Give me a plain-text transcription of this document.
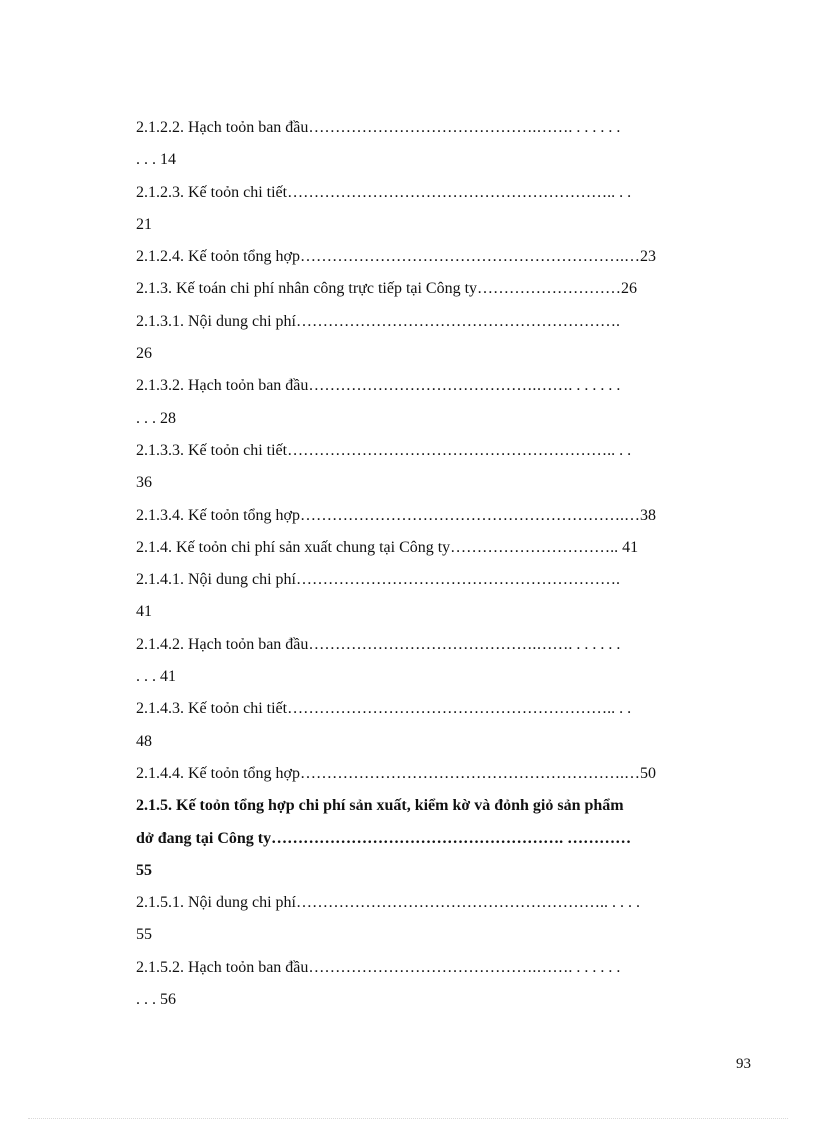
2.1.2.2. Hạch toỏn ban đầu…………………………………….……. . . . . . .
. . . 14
2.1.2.3. Kế toỏn chi tiết…………………………………………………….. . .
21
2.1.2.4. Kế toỏn tổng hợp…………………………………………………….…23
2.1.3. Kế toán chi phí nhân công trực tiếp tại Công ty………………………26
2.1.3.1. Nội dung chi phí…………………………………………………….
26
2.1.3.2. Hạch toỏn ban đầu…………………………………….……. . . . . . .
. . . 28
2.1.3.3. Kế toỏn chi tiết…………………………………………………….. . .
36
2.1.3.4. Kế toỏn tổng hợp…………………………………………………….…38
2.1.4. Kế toỏn chi phí sản xuất chung tại Công ty………………………….. 41
2.1.4.1. Nội dung chi phí…………………………………………………….
41
2.1.4.2. Hạch toỏn ban đầu…………………………………….……. . . . . . .
. . . 41
2.1.4.3. Kế toỏn chi tiết…………………………………………………….. . .
48
2.1.4.4. Kế toỏn tổng hợp…………………………………………………….…50
2.1.5. Kế toỏn tổng hợp chi phí sản xuất, kiểm kờ và đỏnh giỏ sản phẩm
dở đang tại Công ty………………………………………………. …………
55
2.1.5.1. Nội dung chi phí………………………………………………….. . . . .
55
2.1.5.2. Hạch toỏn ban đầu…………………………………….……. . . . . . .
. . . 56
93
